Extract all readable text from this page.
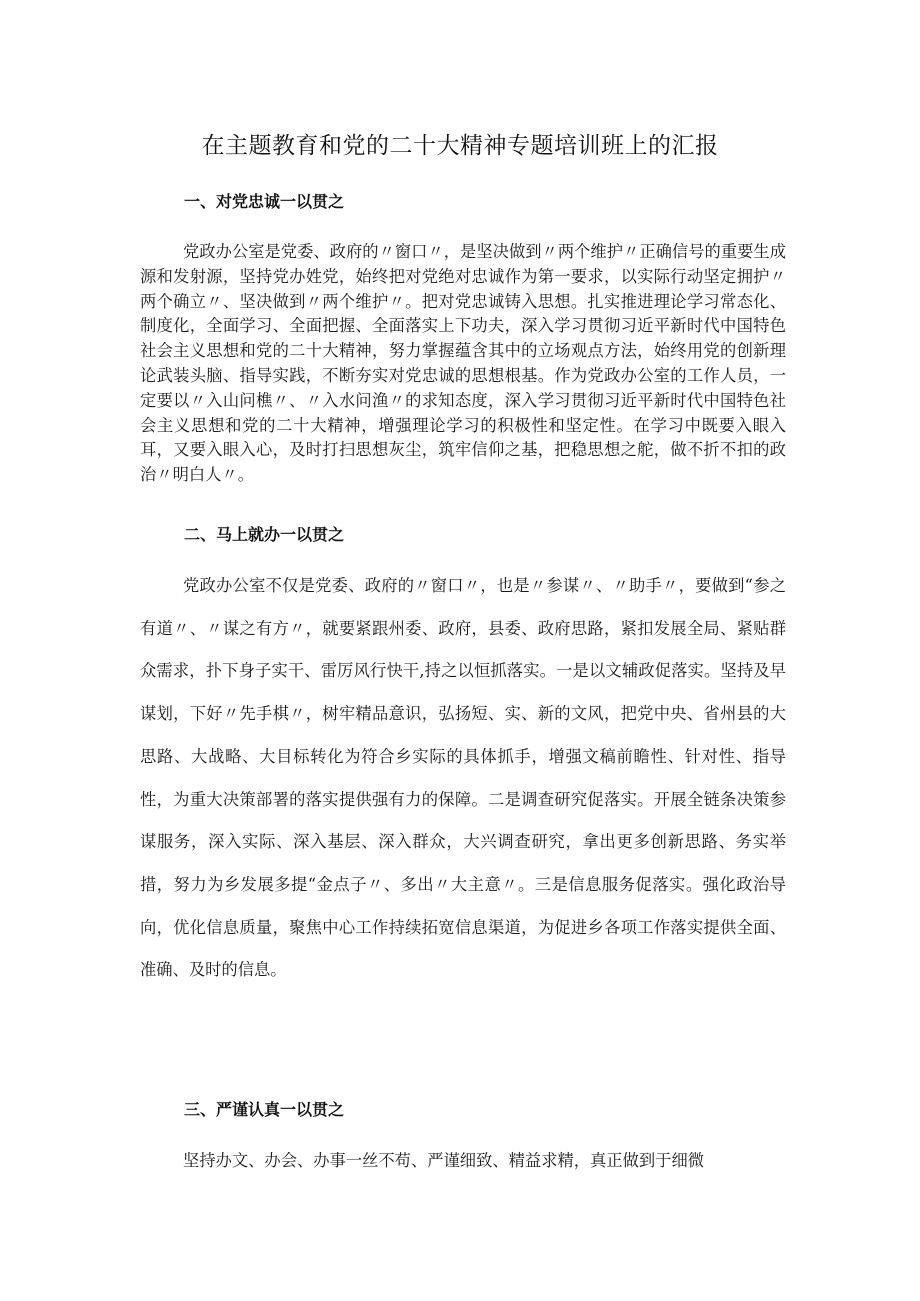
在主题教育和党的二十大精神专题培训班上的汇报
一、对党忠诚一以贯之
党政办公室是党委、政府的〃窗口〃，是坚决做到〃两个维护〃正确信号的重要生成源和发射源，坚持党办姓党，始终把对党绝对忠诚作为第一要求，以实际行动坚定拥护〃两个确立〃、坚决做到〃两个维护〃。把对党忠诚铸入思想。扎实推进理论学习常态化、制度化，全面学习、全面把握、全面落实上下功夫，深入学习贯彻习近平新时代中国特色社会主义思想和党的二十大精神，努力掌握蕴含其中的立场观点方法，始终用党的创新理论武装头脑、指导实践，不断夯实对党忠诚的思想根基。作为党政办公室的工作人员，一定要以〃入山问樵〃、〃入水问渔〃的求知态度，深入学习贯彻习近平新时代中国特色社会主义思想和党的二十大精神，增强理论学习的积极性和坚定性。在学习中既要入眼入耳，又要入眼入心，及时打扫思想灰尘，筑牢信仰之基，把稳思想之舵，做不折不扣的政治〃明白人〃。
二、马上就办一以贯之
党政办公室不仅是党委、政府的〃窗口〃，也是〃参谋〃、〃助手〃，要做到“参之有道〃、〃谋之有方〃，就要紧跟州委、政府，县委、政府思路，紧扣发展全局、紧贴群众需求，扑下身子实干、雷厉风行快干,持之以恒抓落实。一是以文辅政促落实。坚持及早谋划，下好〃先手棋〃，树牢精品意识，弘扬短、实、新的文风，把党中央、省州县的大思路、大战略、大目标转化为符合乡实际的具体抓手，增强文稿前瞻性、针对性、指导性，为重大决策部署的落实提供强有力的保障。二是调查研究促落实。开展全链条决策参谋服务，深入实际、深入基层、深入群众，大兴调查研究，拿出更多创新思路、务实举措，努力为乡发展多提“金点子〃、多出〃大主意〃。三是信息服务促落实。强化政治导向，优化信息质量，聚焦中心工作持续拓宽信息渠道，为促进乡各项工作落实提供全面、准确、及时的信息。
三、严谨认真一以贯之
坚持办文、办会、办事一丝不苟、严谨细致、精益求精，真正做到于细微
